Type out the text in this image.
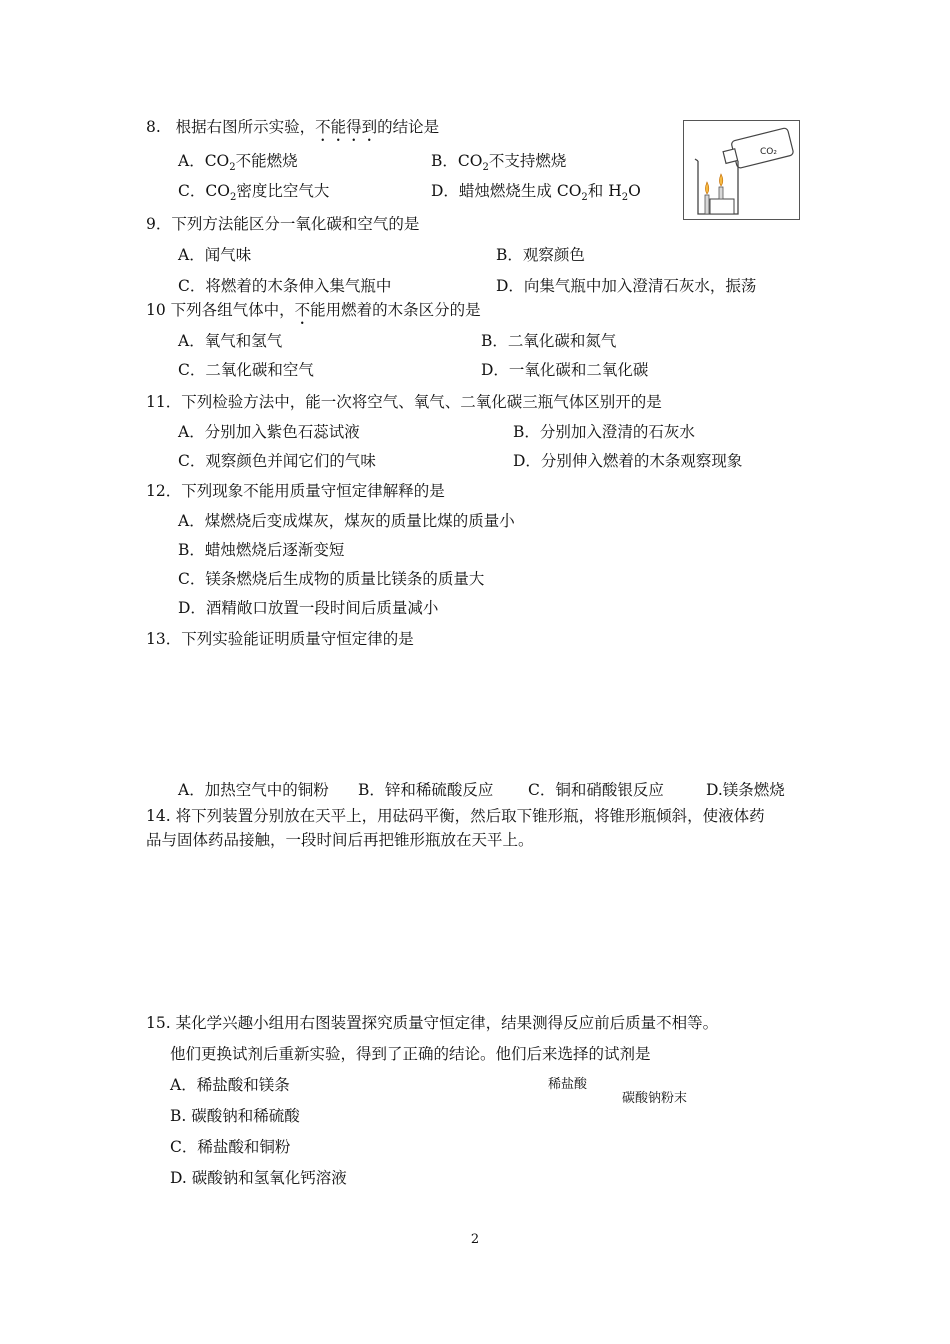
8. 根据右图所示实验，不能得到的结论是
A．$CO_2$不能燃烧	B．$CO_2$不支持燃烧
C．$CO_2$密度比空气大	D．蜡烛燃烧生成 $CO_2$和 $H_2O$
CO₂
9．下列方法能区分一氧化碳和空气的是
A．闻气味	B．观察颜色
C．将燃着的木条伸入集气瓶中	D．向集气瓶中加入澄清石灰水，振荡
10 下列各组气体中，不能用燃着的木条区分的是
A．氧气和氢气	B．二氧化碳和氮气
C．二氧化碳和空气	D．一氧化碳和二氧化碳
11．下列检验方法中，能一次将空气、氧气、二氧化碳三瓶气体区别开的是
A．分别加入紫色石蕊试液	B．分别加入澄清的石灰水
C．观察颜色并闻它们的气味	D．分别伸入燃着的木条观察现象
12．下列现象不能用质量守恒定律解释的是
A．煤燃烧后变成煤灰，煤灰的质量比煤的质量小
B．蜡烛燃烧后逐渐变短
C．镁条燃烧后生成物的质量比镁条的质量大
D．酒精敞口放置一段时间后质量减小
13．下列实验能证明质量守恒定律的是
A．加热空气中的铜粉 B．锌和稀硫酸反应 C．铜和硝酸银反应	D.镁条燃烧
14. 将下列装置分别放在天平上，用砝码平衡，然后取下锥形瓶，将锥形瓶倾斜，使液体药
品与固体药品接触，一段时间后再把锥形瓶放在天平上。
15. 某化学兴趣小组用右图装置探究质量守恒定律，结果测得反应前后质量不相等。
他们更换试剂后重新实验，得到了正确的结论。他们后来选择的试剂是
A．稀盐酸和镁条
B. 碳酸钠和稀硫酸
C．稀盐酸和铜粉
D. 碳酸钠和氢氧化钙溶液
稀盐酸
碳酸钠粉末
2
